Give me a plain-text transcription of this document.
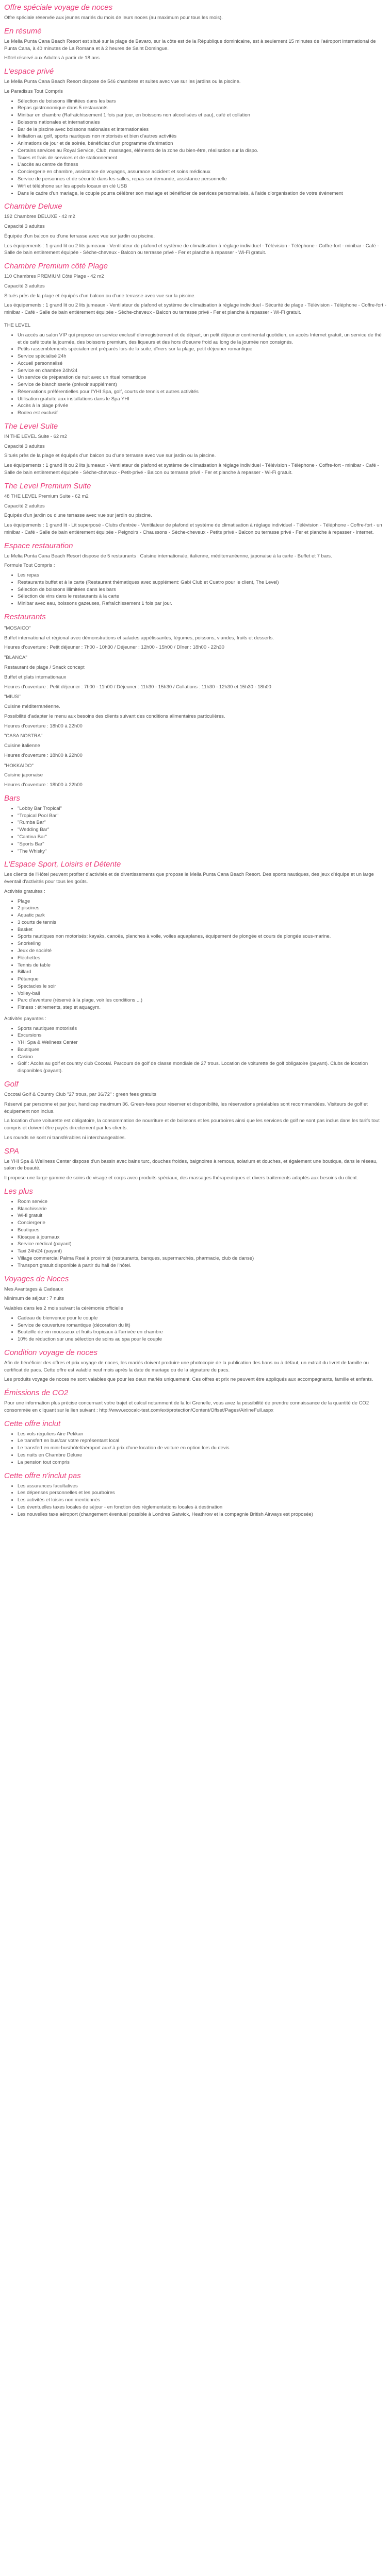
Offre spéciale voyage de noces

Offre spéciale réservée aux jeunes mariés du mois de leurs noces (au maximum pour tous les mois).

En résumé

Le Melia Punta Cana Beach Resort est situé sur la plage de Bavaro, sur la côte est de la République dominicaine, est à seulement 15 minutes de l'aéroport international de Punta Cana, à 40 minutes de La Romana et à 2 heures de Saint Domingue.

Hôtel réservé aux Adultes à partir de 18 ans

L'espace privé

Le Melia Punta Cana Beach Resort dispose de 546 chambres et suites avec vue sur les jardins ou la piscine.

Le Paradisus Tout Compris

• Sélection de boissons illimitées dans les bars
• Repas gastronomique dans 5 restaurants
• Minibar en chambre (Rafraîchissement 1 fois par jour, en boissons non alcoolisées et eau), café et collation
• Boissons nationales et internationales
• Bar de la piscine avec boissons nationales et internationales
• Initiation au golf, sports nautiques non motorisés et bien d'autres activités
• Animations de jour et de soirée, bénéficiez d'un programme d'animation
• Certains services au Royal Service, Club, massages, éléments de la zone du bien-être, réalisation sur la dispo.
• Taxes et frais de services et de stationnement
• L'accès au centre de fitness
• Conciergerie en chambre, assistance de voyages, assurance accident et soins médicaux
• Service de personnes et de sécurité dans les salles, repas sur demande, assistance personnelle
• Wifi et téléphone sur les appels locaux en clé USB
• Dans le cadre d'un mariage, le couple pourra célébrer son mariage et bénéficier de services personnalisés, à l'aide d'organisation de votre événement
Chambre Deluxe

192 Chambres DELUXE - 42 m2

Capacité 3 adultes

Équipée d'un balcon ou d'une terrasse avec vue sur jardin ou piscine.

Les équipements : 1 grand lit ou 2 lits jumeaux - Ventilateur de plafond et système de climatisation à réglage individuel - Télévision - Téléphone - Coffre-fort - minibar - Café - Salle de bain entièrement équipée - Sèche-cheveux - Balcon ou terrasse privé - Fer et planche à repasser - Wi-Fi gratuit.

Chambre Premium côté Plage

110 Chambres PREMIUM Côté Plage - 42 m2

Capacité 3 adultes

Situés près de la plage et équipés d'un balcon ou d'une terrasse avec vue sur la piscine.

Les équipements : 1 grand lit ou 2 lits jumeaux - Ventilateur de plafond et système de climatisation à réglage individuel - Sécurité de plage - Télévision - Téléphone - Coffre-fort - minibar - Café - Salle de bain entièrement équipée - Sèche-cheveux - Balcon ou terrasse privé - Fer et planche à repasser - Wi-Fi gratuit.

THE LEVEL

• Un accès au salon VIP qui propose un service exclusif d'enregistrement et de départ, un petit déjeuner continental quotidien, un accès Internet gratuit, un service de thé et de café toute la journée, des boissons premium, des liqueurs et des hors d'oeuvre froid au long de la journée non consignés.
• Petits rassemblements spécialement préparés lors de la suite, dîners sur la plage, petit déjeuner romantique
• Service spécialisé 24h
• Accueil personnalisé
• Service en chambre 24h/24
• Un service de préparation de nuit avec un ritual romantique
• Service de blanchisserie (prévoir supplément)
• Réservations préférentielles pour l'YHI Spa, golf, courts de tennis et autres activités
• Utilisation gratuite aux installations dans le Spa YHI
• Accès à la plage privée
• Rodeo est exclusif
The Level Suite

IN THE LEVEL Suite - 62 m2

Capacité 3 adultes

Situés près de la plage et équipés d'un balcon ou d'une terrasse avec vue sur jardin ou la piscine.

Les équipements : 1 grand lit ou 2 lits jumeaux - Ventilateur de plafond et système de climatisation à réglage individuel - Télévision - Téléphone - Coffre-fort - minibar - Café - Salle de bain entièrement équipée - Sèche-cheveux - Petit-privé - Balcon ou terrasse privé - Fer et planche à repasser - Wi-Fi gratuit.

The Level Premium Suite

48 THE LEVEL Premium Suite - 62 m2

Capacité 2 adultes

Équipés d'un jardin ou d'une terrasse avec vue sur jardin ou piscine.

Les équipements : 1 grand lit - Lit superposé - Clubs d'entrée - Ventilateur de plafond et système de climatisation à réglage individuel - Télévision - Téléphone - Coffre-fort - un minibar - Café - Salle de bain entièrement équipée - Peignoirs - Chaussons - Sèche-cheveux - Petits privé - Balcon ou terrasse privé - Fer et planche à repasser - Internet.

Espace restauration

Le Melia Punta Cana Beach Resort dispose de 5 restaurants : Cuisine internationale, italienne, méditerranéenne, japonaise à la carte - Buffet et 7 bars.

Formule Tout Compris :

• Les repas
• Restaurants buffet et à la carte (Restaurant thématiques avec supplément: Gabi Club et Cuatro pour le client, The Level)
• Sélection de boissons illimitées dans les bars
• Sélection de vins dans le restaurants à la carte
• Minibar avec eau, boissons gazeuses, Rafraîchissement 1 fois par jour.
Restaurants

"MOSAICO"

Buffet international et régional avec démonstrations et salades appétissantes, légumes, poissons, viandes, fruits et desserts.

Heures d'ouverture : Petit déjeuner : 7h00 - 10h30 / Déjeuner : 12h00 - 15h00 / Dîner : 18h00 - 22h30

"BLANCA"

Restaurant de plage / Snack concept

Buffet et plats internationaux

Heures d'ouverture : Petit déjeuner : 7h00 - 11h00 / Déjeuner : 11h30 - 15h30 / Collations : 11h30 - 12h30 et 15h30 - 18h00

"MIUSI"

Cuisine méditerranéenne.

Possibilité d'adapter le menu aux besoins des clients suivant des conditions alimentaires particulières.

Heures d'ouverture : 18h00 à 22h00

"CASA NOSTRA"

Cuisine italienne

Heures d'ouverture : 18h00 à 22h00

"HOKKAIDO"

Cuisine japonaise

Heures d'ouverture : 18h00 à 22h00

Bars
• "Lobby Bar Tropical"
• "Tropical Pool Bar"
• "Rumba Bar"
• "Wedding Bar"
• "Cantina Bar"
• "Sports Bar"
• "The Whisky"
L'Espace Sport, Loisirs et Détente

Les clients de l'Hôtel peuvent profiter d'activités et de divertissements que propose le Melia Punta Cana Beach Resort. Des sports nautiques, des jeux d'équipe et un large éventail d'activités pour tous les goûts.

Activités gratuites :

• Plage
• 2 piscines
• Aquatic park
• 3 courts de tennis
• Basket
• Sports nautiques non motorisés: kayaks, canoës, planches à voile, voiles aquaplanes, équipement de plongée et cours de plongée sous-marine.
• Snorkeling
• Jeux de société
• Fléchettes
• Tennis de table
• Billard
• Pétanque
• Spectacles le soir
• Volley-ball
• Parc d'aventure (réservé à la plage, voir les conditions ...)
• Fitness : étirements, step et aquagym.

Activités payantes :

• Sports nautiques motorisés
• Excursions
• YHI Spa & Wellness Center
• Boutiques
• Casino
• Golf : Accès au golf et country club Cocotal. Parcours de golf de classe mondiale de 27 trous. Location de voiturette de golf obligatoire (payant). Clubs de location disponibles (payant).
Golf

Cocotal Golf & Country Club "27 trous, par 36/72" : green fees gratuits

Réservé par personne et par jour, handicap maximum 36. Green-fees pour réserver et disponibilité, les réservations préalables sont recommandées. Visiteurs de golf et équipement non inclus.

La location d'une voiturette est obligatoire, la consommation de nourriture et de boissons et les pourboires ainsi que les services de golf ne sont pas inclus dans les tarifs tout compris et doivent être payés directement par les clients.

Les rounds ne sont ni transférables ni interchangeables.

SPA

Le YHI Spa & Wellness Center dispose d'un bassin avec bains turc, douches froides, baignoires à remous, solarium et douches, et également une boutique, dans le réseau, salon de beauté.

Il propose une large gamme de soins de visage et corps avec produits spéciaux, des massages thérapeutiques et divers traitements adaptés aux besoins du client.

Les plus
• Room service
• Blanchisserie
• Wi-fi gratuit
• Conciergerie
• Boutiques
• Kiosque à journaux
• Service médical (payant)
• Taxi 24h/24 (payant)
• Village commercial Palma Real à proximité (restaurants, banques, supermarchés, pharmacie, club de danse)
• Transport gratuit disponible à partir du hall de l'hôtel.
Voyages de Noces

Mes Avantages & Cadeaux

Minimum de séjour : 7 nuits

Valables dans les 2 mois suivant la cérémonie officielle

• Cadeau de bienvenue pour le couple
• Service de couverture romantique (décoration du lit)
• Bouteille de vin mousseux et fruits tropicaux à l'arrivée en chambre
• 10% de réduction sur une sélection de soins au spa pour le couple
Condition voyage de noces

Afin de bénéficier des offres et prix voyage de noces, les mariés doivent produire une photocopie de la publication des bans ou à défaut, un extrait du livret de famille ou certificat de pacs. Cette offre est valable neuf mois après la date de mariage ou de la signature du pacs.

Les produits voyage de noces ne sont valables que pour les deux mariés uniquement. Ces offres et prix ne peuvent être appliqués aux accompagnants, famille et enfants.

Émissions de CO2

Pour une information plus précise concernant votre trajet et calcul notamment de la loi Grenelle, vous avez la possibilité de prendre connaissance de la quantité de CO2 consommée en cliquant sur le lien suivant : http://www.ecocalc-test.com/ext/protection/Content/Offset/Pages/AirlineFull.aspx

Cette offre inclut
• Les vols réguliers Aire Pekkan
• Le transfert en bus/car votre représentant local
• Le transfert en mini-bus/hôtel/aéroport aux/ à prix d'une location de voiture en option lors du devis
• Les nuits en Chambre Deluxe
• La pension tout compris
Cette offre n'inclut pas
• Les assurances facultatives
• Les dépenses personnelles et les pourboires
• Les activités et loisirs non mentionnés
• Les éventuelles taxes locales de séjour - en fonction des réglementations locales à destination
• Les nouvelles taxe aéroport (changement éventuel possible à Londres Gatwick, Heathrow et la compagnie British Airways est proposée)
